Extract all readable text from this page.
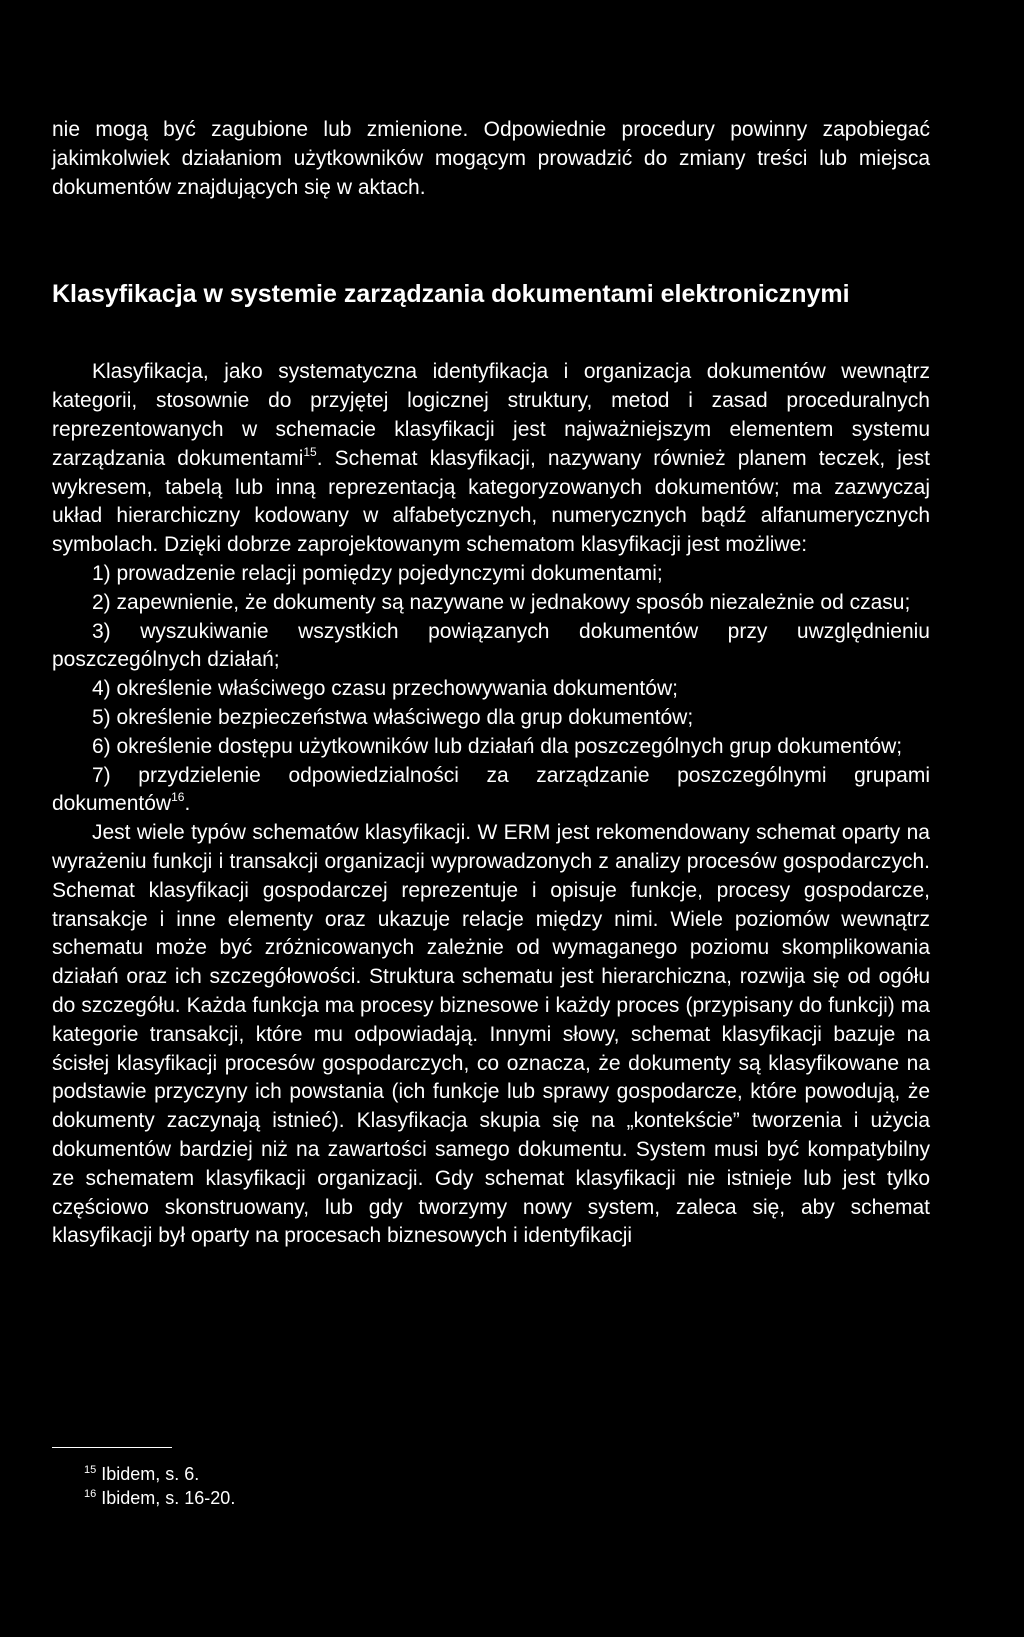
nie mogą być zagubione lub zmienione. Odpowiednie procedury powinny zapobiegać jakimkolwiek działaniom użytkowników mogącym prowadzić do zmiany treści lub miejsca dokumentów znajdujących się w aktach.

Klasyfikacja w systemie zarządzania dokumentami elektronicznymi

Klasyfikacja, jako systematyczna identyfikacja i organizacja dokumentów wewnątrz kategorii, stosownie do przyjętej logicznej struktury, metod i zasad proceduralnych reprezentowanych w schemacie klasyfikacji jest najważniejszym elementem systemu zarządzania dokumentami$^{15}$. Schemat klasyfikacji, nazywany również planem teczek, jest wykresem, tabelą lub inną reprezentacją kategoryzowanych dokumentów; ma zazwyczaj układ hierarchiczny kodowany w alfabetycznych, numerycznych bądź alfanumerycznych symbolach. Dzięki dobrze zaprojektowanym schematom klasyfikacji jest możliwe:

1) prowadzenie relacji pomiędzy pojedynczymi dokumentami;
2) zapewnienie, że dokumenty są nazywane w jednakowy sposób niezależnie od czasu;
3) wyszukiwanie wszystkich powiązanych dokumentów przy uwzględnieniu poszczególnych działań;
4) określenie właściwego czasu przechowywania dokumentów;
5) określenie bezpieczeństwa właściwego dla grup dokumentów;
6) określenie dostępu użytkowników lub działań dla poszczególnych grup dokumentów;
7) przydzielenie odpowiedzialności za zarządzanie poszczególnymi grupami dokumentów$^{16}$.

Jest wiele typów schematów klasyfikacji. W ERM jest rekomendowany schemat oparty na wyrażeniu funkcji i transakcji organizacji wyprowadzonych z analizy procesów gospodarczych. Schemat klasyfikacji gospodarczej reprezentuje i opisuje funkcje, procesy gospodarcze, transakcje i inne elementy oraz ukazuje relacje między nimi. Wiele poziomów wewnątrz schematu może być zróżnicowanych zależnie od wymaganego poziomu skomplikowania działań oraz ich szczegółowości. Struktura schematu jest hierarchiczna, rozwija się od ogółu do szczegółu. Każda funkcja ma procesy biznesowe i każdy proces (przypisany do funkcji) ma kategorie transakcji, które mu odpowiadają. Innymi słowy, schemat klasyfikacji bazuje na ścisłej klasyfikacji procesów gospodarczych, co oznacza, że dokumenty są klasyfikowane na podstawie przyczyny ich powstania (ich funkcje lub sprawy gospodarcze, które powodują, że dokumenty zaczynają istnieć). Klasyfikacja skupia się na „kontekście” tworzenia i użycia dokumentów bardziej niż na zawartości samego dokumentu. System musi być kompatybilny ze schematem klasyfikacji organizacji. Gdy schemat klasyfikacji nie istnieje lub jest tylko częściowo skonstruowany, lub gdy tworzymy nowy system, zaleca się, aby schemat klasyfikacji był oparty na procesach biznesowych i identyfikacji

$^{15}$ Ibidem, s. 6.
$^{16}$ Ibidem, s. 16-20.
